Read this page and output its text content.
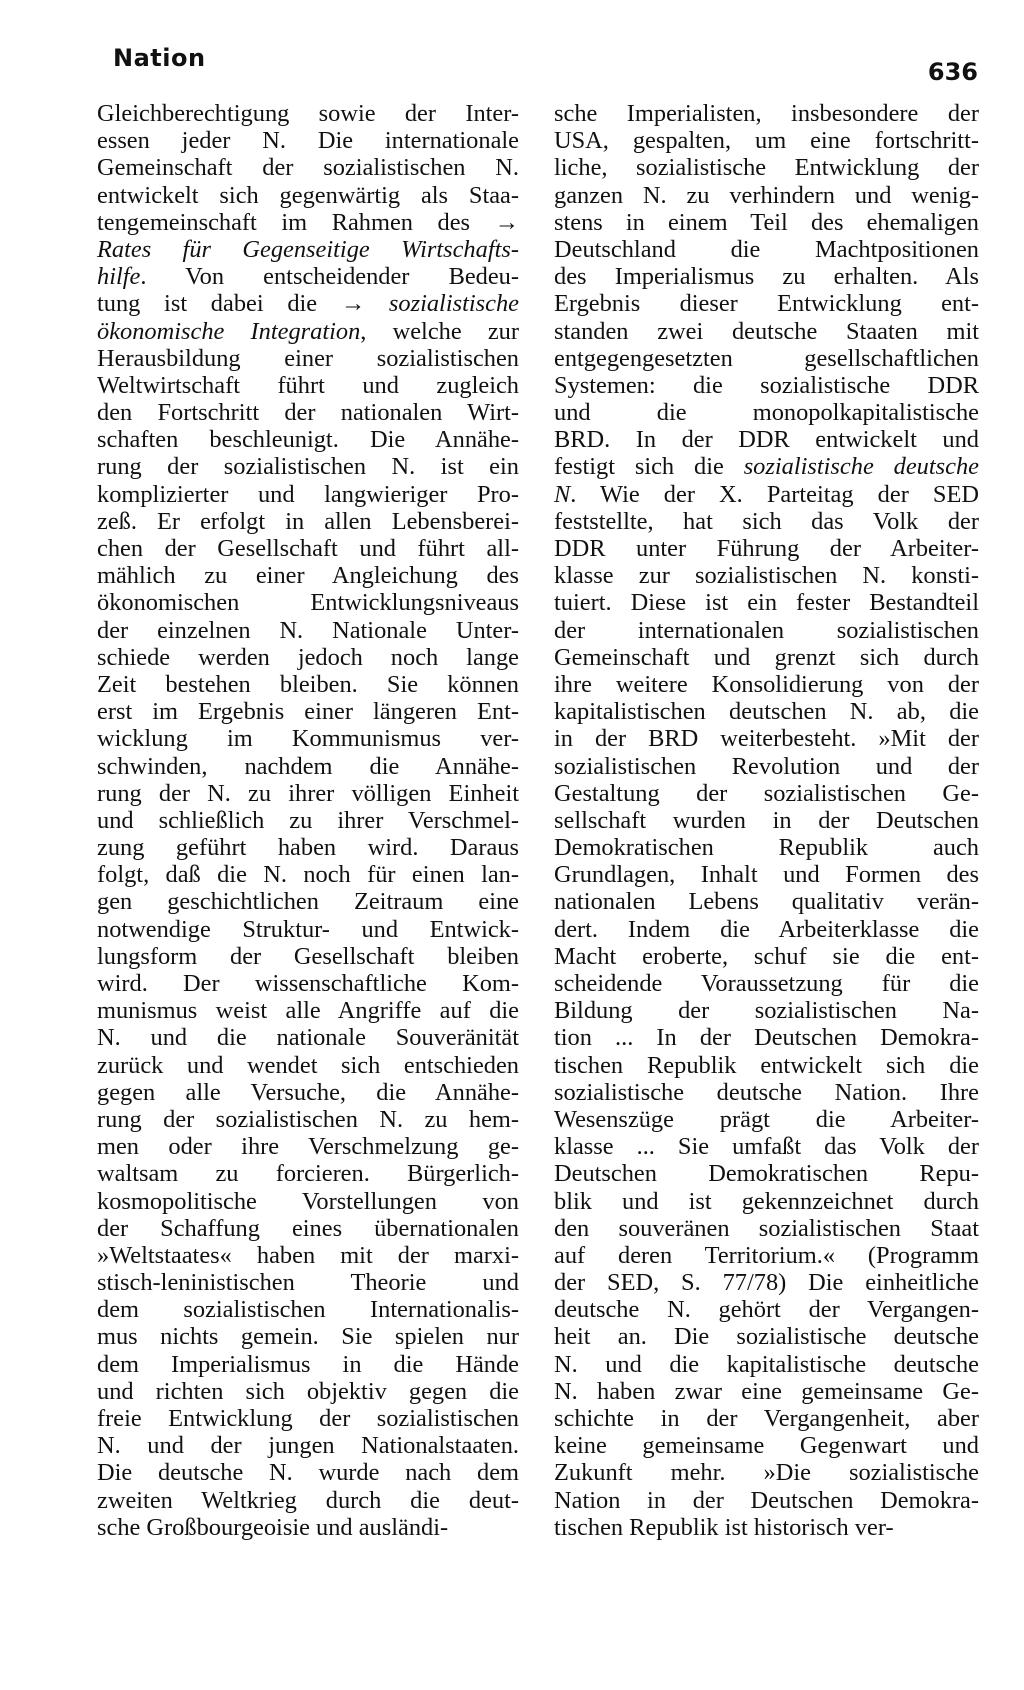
Nation	636
Gleichberechtigung sowie der Inter-
essen jeder N. Die internationale
Gemeinschaft der sozialistischen N.
entwickelt sich gegenwärtig als Staa-
tengemeinschaft im Rahmen des →
Rates für Gegenseitige Wirtschafts-
hilfe. Von entscheidender Bedeu-
tung ist dabei die → sozialistische
ökonomische Integration, welche zur
Herausbildung einer sozialistischen
Weltwirtschaft führt und zugleich
den Fortschritt der nationalen Wirt-
schaften beschleunigt. Die Annähe-
rung der sozialistischen N. ist ein
komplizierter und langwieriger Pro-
zeß. Er erfolgt in allen Lebensberei-
chen der Gesellschaft und führt all-
mählich zu einer Angleichung des
ökonomischen Entwicklungsniveaus
der einzelnen N. Nationale Unter-
schiede werden jedoch noch lange
Zeit bestehen bleiben. Sie können
erst im Ergebnis einer längeren Ent-
wicklung im Kommunismus ver-
schwinden, nachdem die Annähe-
rung der N. zu ihrer völligen Einheit
und schließlich zu ihrer Verschmel-
zung geführt haben wird. Daraus
folgt, daß die N. noch für einen lan-
gen geschichtlichen Zeitraum eine
notwendige Struktur- und Entwick-
lungsform der Gesellschaft bleiben
wird. Der wissenschaftliche Kom-
munismus weist alle Angriffe auf die
N. und die nationale Souveränität
zurück und wendet sich entschieden
gegen alle Versuche, die Annähe-
rung der sozialistischen N. zu hem-
men oder ihre Verschmelzung ge-
waltsam zu forcieren. Bürgerlich-
kosmopolitische Vorstellungen von
der Schaffung eines übernationalen
»Weltstaates« haben mit der marxi-
stisch-leninistischen Theorie und
dem sozialistischen Internationalis-
mus nichts gemein. Sie spielen nur
dem Imperialismus in die Hände
und richten sich objektiv gegen die
freie Entwicklung der sozialistischen
N. und der jungen Nationalstaaten.
Die deutsche N. wurde nach dem
zweiten Weltkrieg durch die deut-
sche Großbourgeoisie und ausländi-
sche Imperialisten, insbesondere der
USA, gespalten, um eine fortschritt-
liche, sozialistische Entwicklung der
ganzen N. zu verhindern und wenig-
stens in einem Teil des ehemaligen
Deutschland die Machtpositionen
des Imperialismus zu erhalten. Als
Ergebnis dieser Entwicklung ent-
standen zwei deutsche Staaten mit
entgegengesetzten gesellschaftlichen
Systemen: die sozialistische DDR
und die monopolkapitalistische
BRD. In der DDR entwickelt und
festigt sich die sozialistische deutsche
N. Wie der X. Parteitag der SED
feststellte, hat sich das Volk der
DDR unter Führung der Arbeiter-
klasse zur sozialistischen N. konsti-
tuiert. Diese ist ein fester Bestandteil
der internationalen sozialistischen
Gemeinschaft und grenzt sich durch
ihre weitere Konsolidierung von der
kapitalistischen deutschen N. ab, die
in der BRD weiterbesteht. »Mit der
sozialistischen Revolution und der
Gestaltung der sozialistischen Ge-
sellschaft wurden in der Deutschen
Demokratischen Republik auch
Grundlagen, Inhalt und Formen des
nationalen Lebens qualitativ verän-
dert. Indem die Arbeiterklasse die
Macht eroberte, schuf sie die ent-
scheidende Voraussetzung für die
Bildung der sozialistischen Na-
tion ... In der Deutschen Demokra-
tischen Republik entwickelt sich die
sozialistische deutsche Nation. Ihre
Wesenszüge prägt die Arbeiter-
klasse ... Sie umfaßt das Volk der
Deutschen Demokratischen Repu-
blik und ist gekennzeichnet durch
den souveränen sozialistischen Staat
auf deren Territorium.« (Programm
der SED, S. 77/78) Die einheitliche
deutsche N. gehört der Vergangen-
heit an. Die sozialistische deutsche
N. und die kapitalistische deutsche
N. haben zwar eine gemeinsame Ge-
schichte in der Vergangenheit, aber
keine gemeinsame Gegenwart und
Zukunft mehr. »Die sozialistische
Nation in der Deutschen Demokra-
tischen Republik ist historisch ver-
